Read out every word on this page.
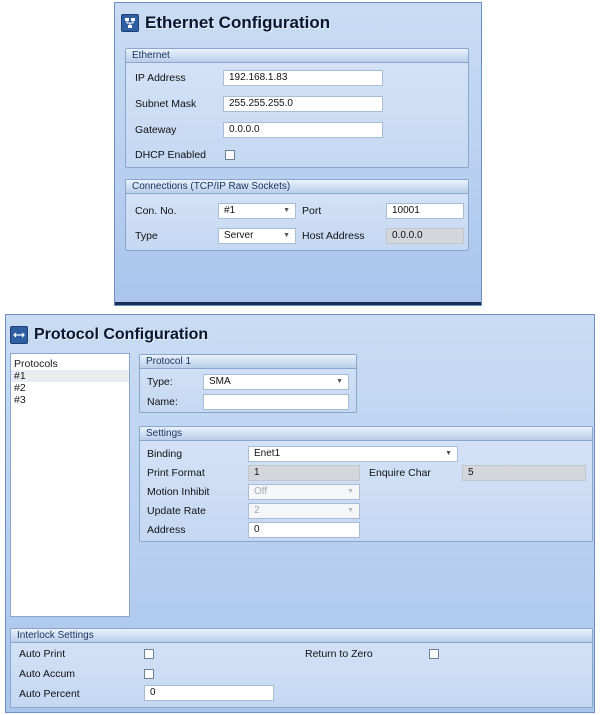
Ethernet Configuration
Ethernet
IP Address	192.168.1.83
Subnet Mask	255.255.255.0
Gateway	0.0.0.0
DHCP Enabled
Connections (TCP/IP Raw Sockets)
Con. No.	#1	▼ Port	10001
Type	Server	▼ Host Address	0.0.0.0
Protocol Configuration
Protocols
#1
#2
#3
Protocol 1
Type:	SMA	▼
Name:
Settings
Binding	Enet1	▼
Print Format	1	Enquire Char	5
Motion Inhibit	Off	▼
Update Rate	2	▼
Address	0
Interlock Settings
Auto Print	Return to Zero
Auto Accum
Auto Percent	0
